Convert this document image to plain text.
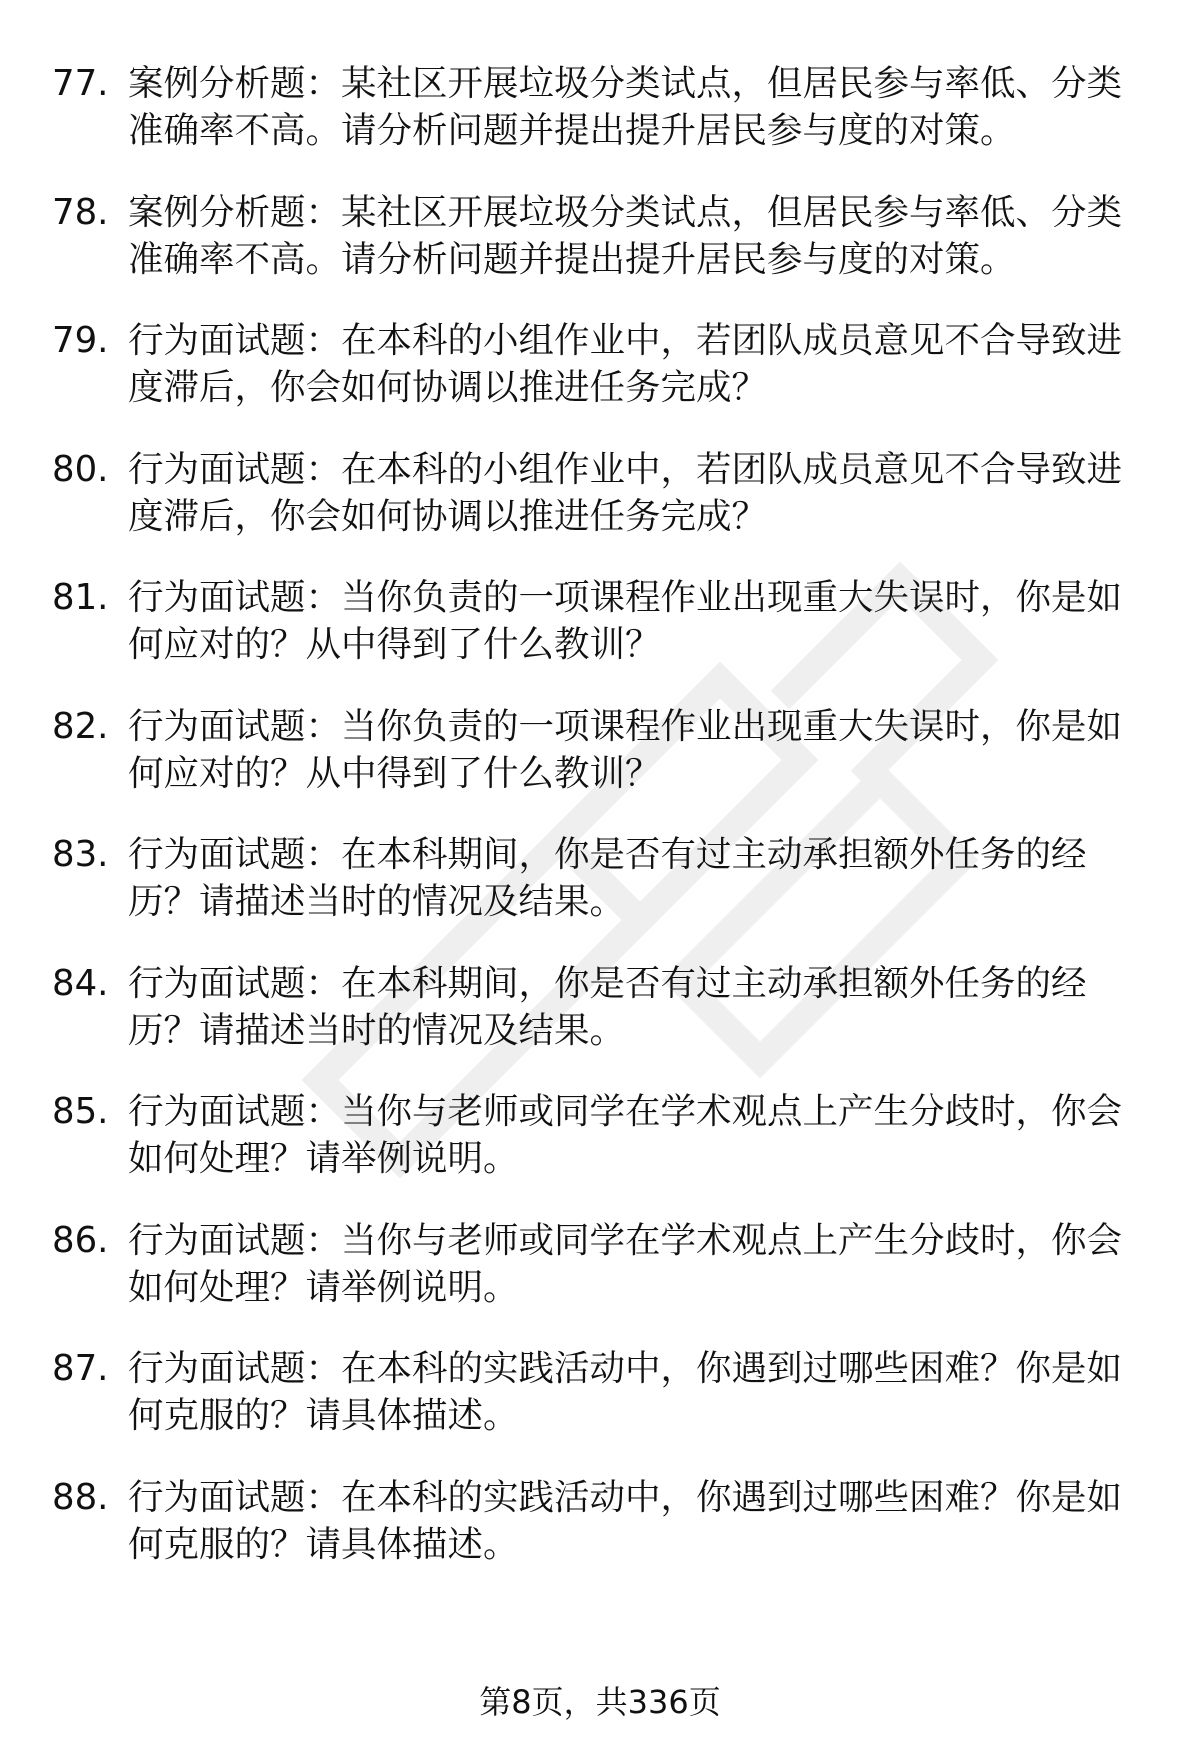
77. 案例分析题：某社区开展垃圾分类试点，但居民参与率低、分类准确率不高。请分析问题并提出提升居民参与度的对策。
78. 案例分析题：某社区开展垃圾分类试点，但居民参与率低、分类准确率不高。请分析问题并提出提升居民参与度的对策。
79. 行为面试题：在本科的小组作业中，若团队成员意见不合导致进度滞后，你会如何协调以推进任务完成？
80. 行为面试题：在本科的小组作业中，若团队成员意见不合导致进度滞后，你会如何协调以推进任务完成？
81. 行为面试题：当你负责的一项课程作业出现重大失误时，你是如何应对的？从中得到了什么教训？
82. 行为面试题：当你负责的一项课程作业出现重大失误时，你是如何应对的？从中得到了什么教训？
83. 行为面试题：在本科期间，你是否有过主动承担额外任务的经历？请描述当时的情况及结果。
84. 行为面试题：在本科期间，你是否有过主动承担额外任务的经历？请描述当时的情况及结果。
85. 行为面试题：当你与老师或同学在学术观点上产生分歧时，你会如何处理？请举例说明。
86. 行为面试题：当你与老师或同学在学术观点上产生分歧时，你会如何处理？请举例说明。
87. 行为面试题：在本科的实践活动中，你遇到过哪些困难？你是如何克服的？请具体描述。
88. 行为面试题：在本科的实践活动中，你遇到过哪些困难？你是如何克服的？请具体描述。
第8页，共336页
